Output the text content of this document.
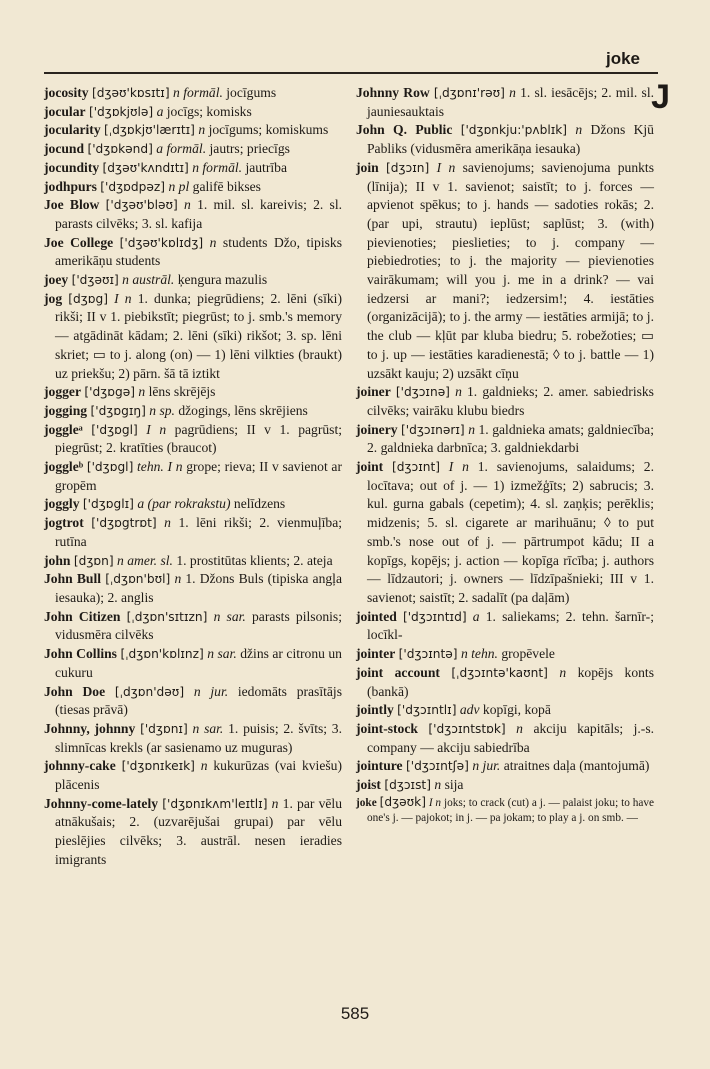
joke
J

jocosity [dʒəʊ'kɒsɪtɪ] n formāl. jocīgums

jocular ['dʒɒkjʊlə] a jocīgs; komisks

jocularity [ˌdʒɒkjʊ'lærɪtɪ] n jocīgums; komiskums

jocund ['dʒɒkənd] a formāl. jautrs; priecīgs

jocundity [dʒəʊ'kʌndɪtɪ] n formāl. jautrība

jodhpurs ['dʒɒdpəz] n pl galifē bikses

Joe Blow ['dʒəʊ'bləʊ] n 1. mil. sl. kareivis; 2. sl. parasts cilvēks; 3. sl. kafija

Joe College ['dʒəʊ'kɒlɪdʒ] n students Džo, tipisks amerikāņu students

joey ['dʒəʊɪ] n austrāl. ķengura mazulis

jog [dʒɒg] I n 1. dunka; piegrūdiens; 2. lēni (sīki) rikši; II v 1. piebikstīt; piegrūst; to j. smb.'s memory — atgādināt kādam; 2. lēni (sīki) rikšot; 3. sp. lēni skriet; ▭ to j. along (on) — 1) lēni vilkties (braukt) uz priekšu; 2) pārn. šā tā iztikt

jogger ['dʒɒgə] n lēns skrējējs

jogging ['dʒɒgɪŋ] n sp. džogings, lēns skrējiens

joggleᵃ ['dʒɒgl] I n pagrūdiens; II v 1. pagrūst; piegrūst; 2. kratīties (braucot)

joggleᵇ ['dʒɒgl] tehn. I n grope; rieva; II v savienot ar gropēm

joggly ['dʒɒglɪ] a (par rokrakstu) nelīdzens

jogtrot ['dʒɒgtrɒt] n 1. lēni rikši; 2. vienmuļība; rutīna

john [dʒɒn] n amer. sl. 1. prostitūtas klients; 2. ateja

John Bull [ˌdʒɒn'bʊl] n 1. Džons Buls (tipiska angļa iesauka); 2. anglis

John Citizen [ˌdʒɒn'sɪtɪzn] n sar. parasts pilsonis; vidusmēra cilvēks

John Collins [ˌdʒɒn'kɒlɪnz] n sar. džins ar citronu un cukuru

John Doe [ˌdʒɒn'dəʊ] n jur. iedomāts prasītājs (tiesas prāvā)

Johnny, johnny ['dʒɒnɪ] n sar. 1. puisis; 2. švīts; 3. slimnīcas krekls (ar sasienamo uz muguras)

johnny-cake ['dʒɒnɪkeɪk] n kukurūzas (vai kviešu) plācenis

Johnny-come-lately ['dʒɒnɪkʌm'leɪtlɪ] n 1. par vēlu atnākušais; 2. (uzvarējušai grupai) par vēlu pieslējies cilvēks; 3. austrāl. nesen ieradies imigrants

Johnny Row [ˌdʒɒnɪ'rəʊ] n 1. sl. iesācējs; 2. mil. sl. jauniesauktais

John Q. Public ['dʒɒnkju:'pʌblɪk] n Džons Kjū Pabliks (vidusmēra amerikāņa iesauka)

join [dʒɔɪn] I n savienojums; savienojuma punkts (līnija); II v 1. savienot; saistīt; to j. forces — apvienot spēkus; to j. hands — sadoties rokās; 2. (par upi, strautu) ieplūst; saplūst; 3. (with) pievienoties; pieslieties; to j. company — piebiedroties; to j. the majority — pievienoties vairākumam; will you j. me in a drink? — vai iedzersi ar mani?; iedzersim!; 4. iestāties (organizācijā); to j. the army — iestāties armijā; to j. the club — kļūt par kluba biedru; 5. robežoties; ▭ to j. up — iestāties karadienestā; ◊ to j. battle — 1) uzsākt kauju; 2) uzsākt cīņu

joiner ['dʒɔɪnə] n 1. galdnieks; 2. amer. sabiedrisks cilvēks; vairāku klubu biedrs

joinery ['dʒɔɪnərɪ] n 1. galdnieka amats; galdniecība; 2. galdnieka darbnīca; 3. galdniekdarbi

joint [dʒɔɪnt] I n 1. savienojums, salaidums; 2. locītava; out of j. — 1) izmežģīts; 2) sabrucis; 3. kul. gurna gabals (cepetim); 4. sl. zaņķis; perēklis; midzenis; 5. sl. cigarete ar marihuānu; ◊ to put smb.'s nose out of j. — pārtrumpot kādu; II a kopīgs, kopējs; j. action — kopīga rīcība; j. authors — līdzautori; j. owners — līdzīpašnieki; III v 1. savienot; saistīt; 2. sadalīt (pa daļām)

jointed ['dʒɔɪntɪd] a 1. saliekams; 2. tehn. šarnīr-; locīkl-

jointer ['dʒɔɪntə] n tehn. gropēvele

joint account [ˌdʒɔɪntə'kaʊnt] n kopējs konts (bankā)

jointly ['dʒɔɪntlɪ] adv kopīgi, kopā

joint-stock ['dʒɔɪntstɒk] n akciju kapitāls; j.-s. company — akciju sabiedrība

jointure ['dʒɔɪntʃə] n jur. atraitnes daļa (mantojumā)

joist [dʒɔɪst] n sija

joke [dʒəʊk] I n joks; to crack (cut) a j. — palaist joku; to have one's j. — pajokot; in j. — pa jokam; to play a j. on smb. —

585
